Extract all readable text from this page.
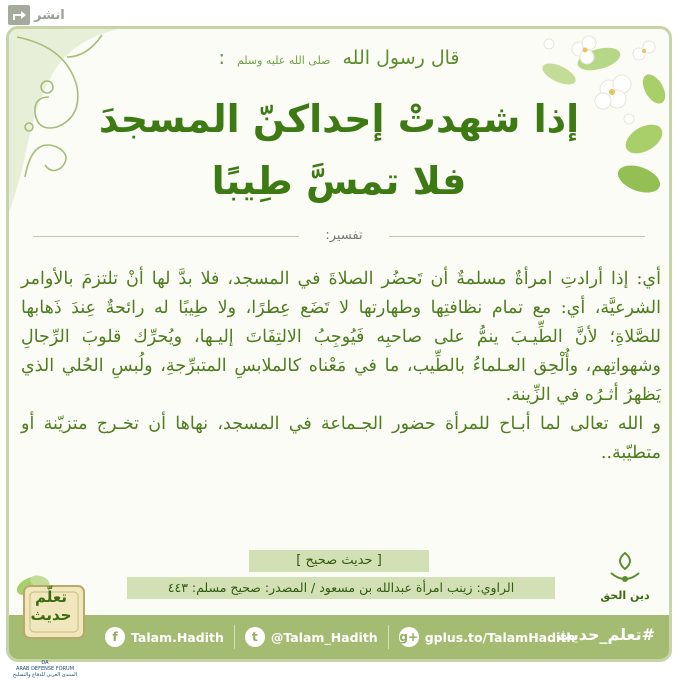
انشر
قال رسول الله صلى الله عليه وسلم :
إذا شهدتْ إحداكنّ المسجدَ
فلا تمسَّ طِيبًا
تفسير:

أي: إذا أرادتِ امرأةٌ مسلمةٌ أن تَحضُر الصلاةَ في المسجد، فلا بدَّ لها أنْ تلتزمَ بالأوامر الشرعيَّة، أي: مع تمام نظافتِها وطهارتها لا تَضَع عِطرًا، ولا طِيبًا له رائحةٌ عِندَ ذَهابها للصَّلاةِ؛ لأنَّ الطِّيـبَ ينمُّ على صاحبِه فَيُوجِبُ الالتِفَاتَ إليـها، ويُحرِّك قلوبَ الرِّجالِ وشهواتِهم، وأُلْحِق العـلماءُ بالطِّيب، ما في مَعْناه كالملابسِ المتبرِّجةِ، ولُبسِ الحُلي الذي يَظهرُ أثـرُه في الزِّينة.

و الله تعالى لما أبـاح للمرأة حضور الجـماعة في المسجد، نهاها أن تخـرج متزيّنة أو متطيّبة..

[ حديث صحيح ]
الراوي: زينب امرأة عبدالله بن مسعود / المصدر: صحيح مسلم: ٤٤٣
دين الحق
f	Talam.Hadith	t	@Talam_Hadith g+ gplus.to/TalamHadith
#تعلم_حديث
تعلّم
حديث
DA
ARAB DEFENSE FORUM
المنتدى العربي للدفاع والتسليح
